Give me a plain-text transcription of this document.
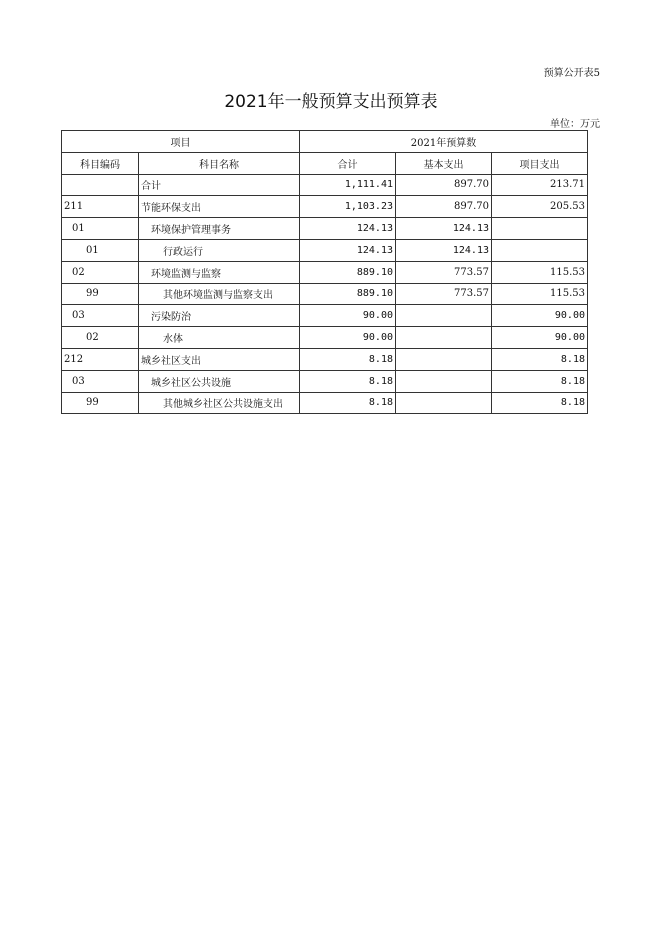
预算公开表5
2021年一般预算支出预算表
单位：万元
项目		2021年预算数		
科目编码	科目名称	合计	基本支出	项目支出
	合计	1,111.41	897.70	213.71
211	节能环保支出	1,103.23	897.70	205.53
01	环境保护管理事务	124.13	124.13	
01	行政运行	124.13	124.13	
02	环境监测与监察	889.10	773.57	115.53
99	其他环境监测与监察支出	889.10	773.57	115.53
03	污染防治	90.00		90.00
02	水体	90.00		90.00
212	城乡社区支出	8.18		8.18
03	城乡社区公共设施	8.18		8.18
99	其他城乡社区公共设施支出	8.18		8.18
